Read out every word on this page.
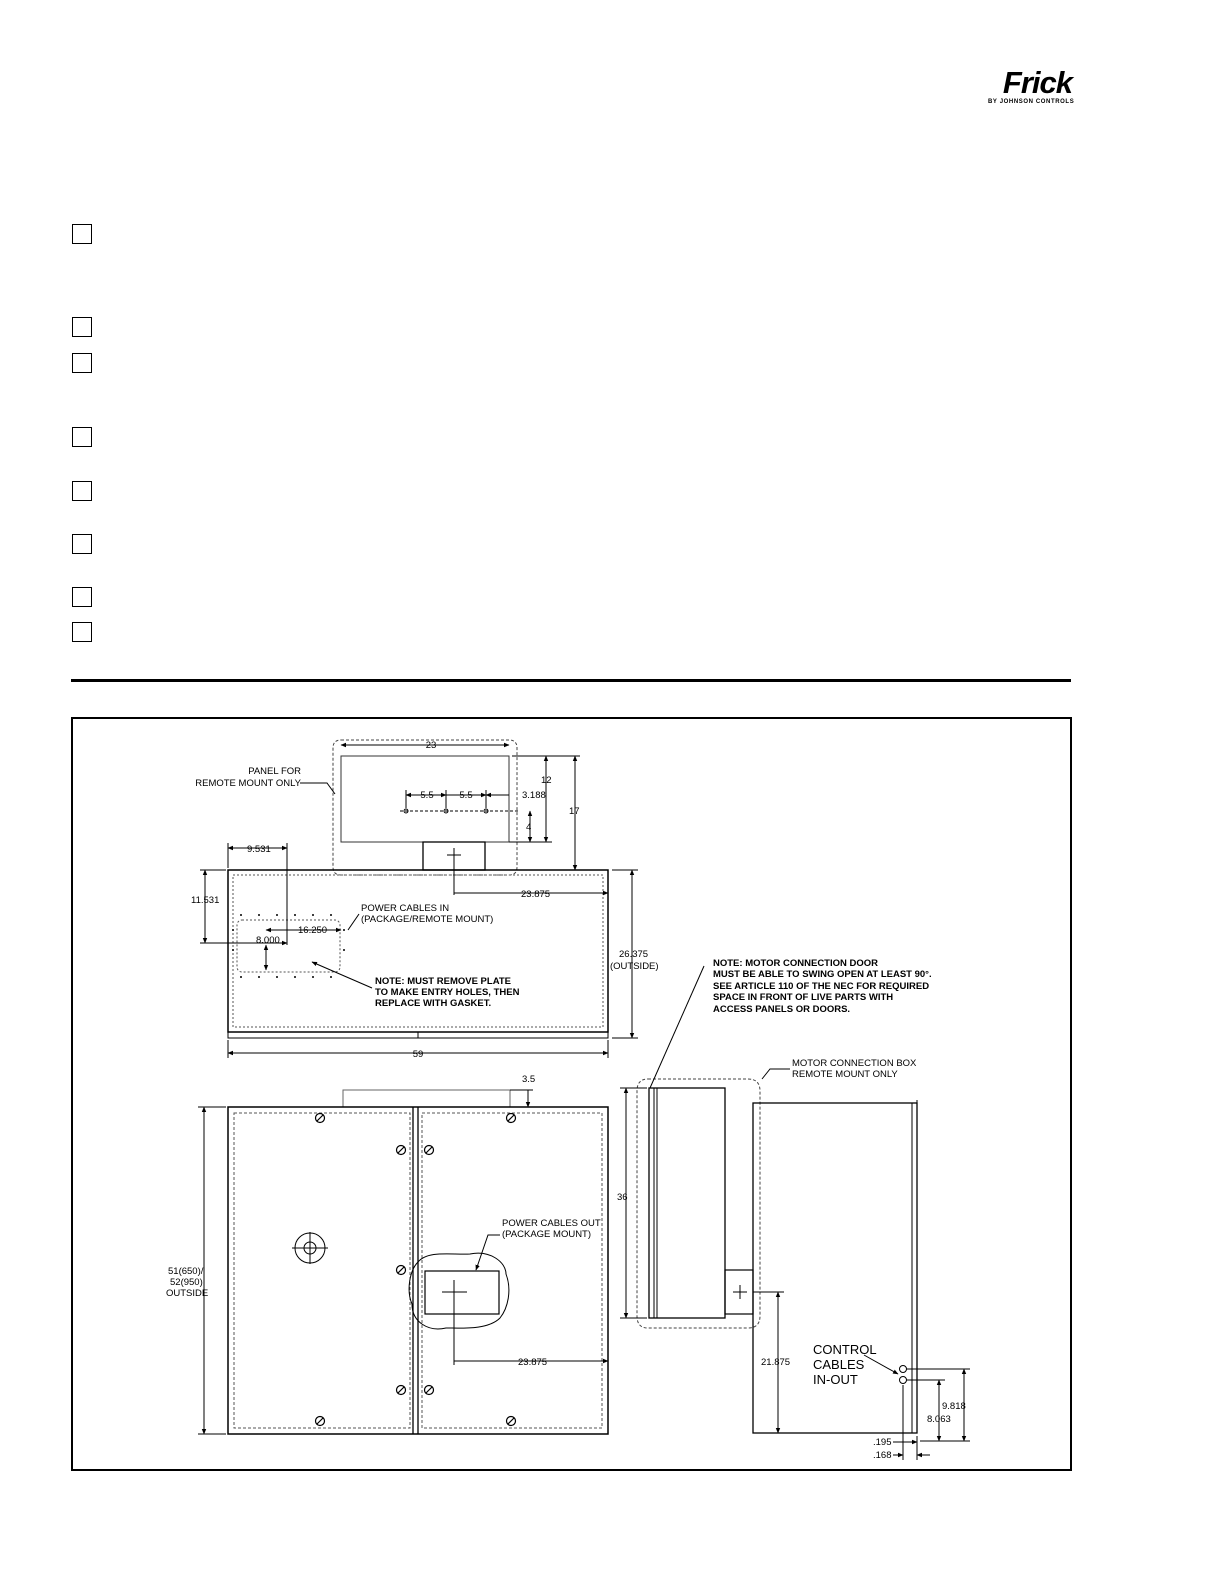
Frick
BY JOHNSON CONTROLS
PANEL FOR
REMOTE MOUNT ONLY
23
5.5	5.5	3.188
12
17
4
9.531
11.531
16.250
8.000
23.875
26.375
(OUTSIDE)
59
POWER CABLES IN
(PACKAGE/REMOTE MOUNT)
NOTE: MUST REMOVE PLATE
TO MAKE ENTRY HOLES, THEN
REPLACE WITH GASKET.
3.5
51(650)/
52(950)
OUTSIDE
POWER CABLES OUT
(PACKAGE MOUNT)
23.875
NOTE: MOTOR CONNECTION DOOR
MUST BE ABLE TO SWING OPEN AT LEAST 90°.
SEE ARTICLE 110 OF THE NEC FOR REQUIRED
SPACE IN FRONT OF LIVE PARTS WITH
ACCESS PANELS OR DOORS.
MOTOR CONNECTION BOX
REMOTE MOUNT ONLY
36
21.875
CONTROL
CABLES
IN-OUT
9.818
8.063
.195
.168
